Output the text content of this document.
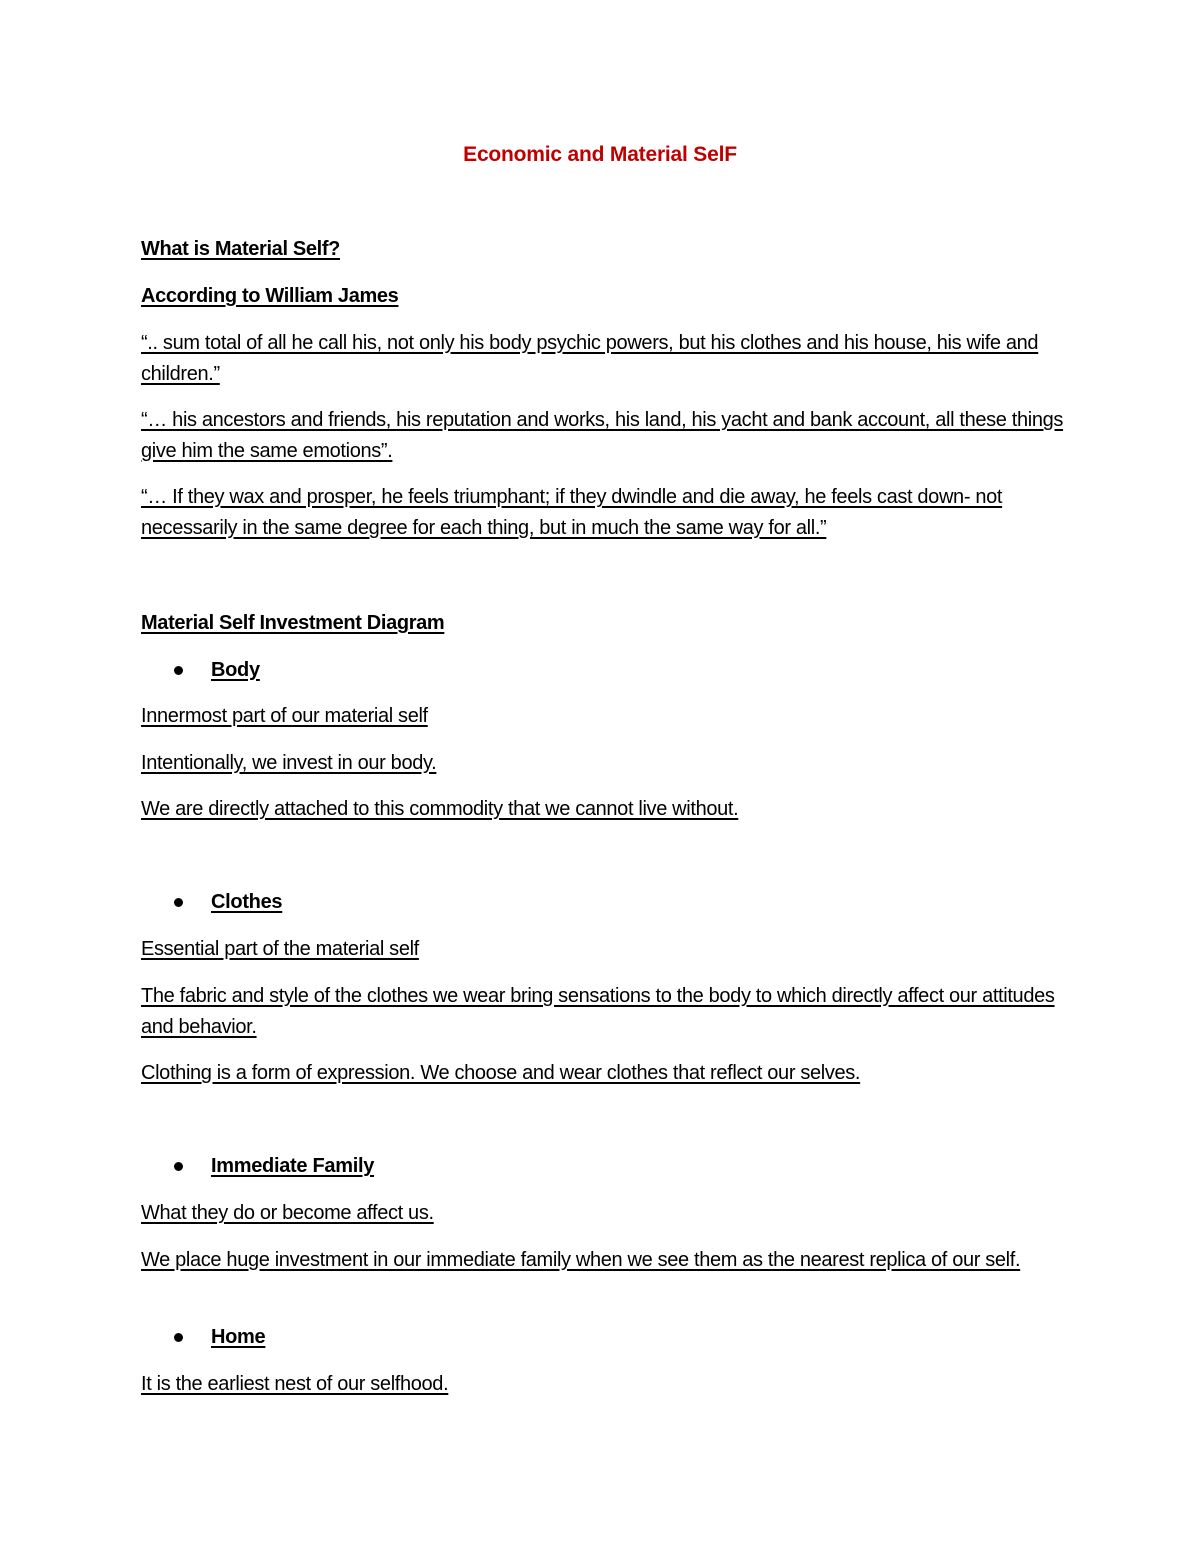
Economic and Material SelF
What is Material Self?
According to William James
“.. sum total of all he call his, not only his body psychic powers, but his clothes and his house, his wife and children.”
“… his ancestors and friends, his reputation and works, his land, his yacht and bank account, all these things give him the same emotions”.
“… If they wax and prosper, he feels triumphant; if they dwindle and die away, he feels cast down- not necessarily in the same degree for each thing, but in much the same way for all.”
Material Self Investment Diagram
Body
Innermost part of our material self
Intentionally, we invest in our body.
We are directly attached to this commodity that we cannot live without.
Clothes
Essential part of the material self
The fabric and style of the clothes we wear bring sensations to the body to which directly affect our attitudes and behavior.
Clothing is a form of expression. We choose and wear clothes that reflect our selves.
Immediate Family
What they do or become affect us.
We place huge investment in our immediate family when we see them as the nearest replica of our self.
Home
It is the earliest nest of our selfhood.
